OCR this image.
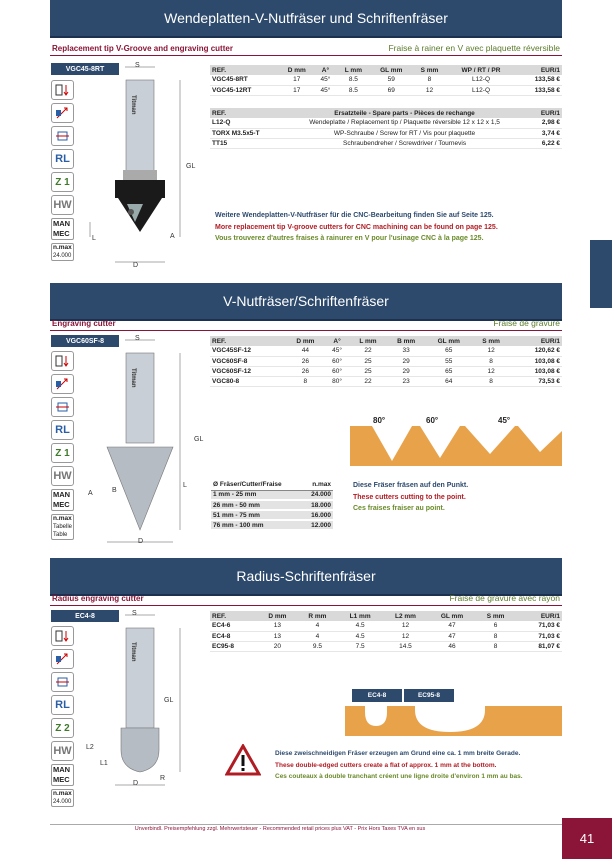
Wendeplatten-V-Nutfräser und Schriftenfräser
Replacement tip V-Groove and engraving cutter	Fraise à rainer en V avec plaquette réversible
VGC45-8RT
RL
Z 1
HW
MAN
MEC
n.max
24.000
S
GL
L	A
D
Titman
REF.	D mm	A°	L mm	GL mm	S mm	WP / RT / PR	EUR/1
VGC45-8RT	17	45°	8.5	59	8	L12-Q	133,58 €
VGC45-12RT	17	45°	8.5	69	12	L12-Q	133,58 €
REF.	Ersatzteile - Spare parts - Pièces de rechange	EUR/1
L12-Q	Wendeplatte / Replacement tip / Plaquette réversible 12 x 12 x 1,5	2,98 €
TORX M3.5x5-T	WP-Schraube / Screw for RT / Vis pour plaquette	3,74 €
TT15	Schraubendreher / Screwdriver / Tournevis	6,22 €
Weitere Wendeplatten-V-Nutfräser für die CNC-Bearbeitung finden Sie auf Seite 125.
More replacement tip V-groove cutters for CNC machining can be found on page 125.
Vous trouverez d'autres fraises à rainurer en V pour l'usinage CNC à la page 125.
V-Nutfräser/Schriftenfräser
Engraving cutter	Fraise de gravure
VGC60SF-8
RL
Z 1
HW
MAN
MEC
n.max
Tabelle
Table
S
GL
L
A	B
D
Titman
REF.	D mm	A°	L mm	B mm	GL mm	S mm	EUR/1
VGC45SF-12	44	45°	22	33	65	12	120,62 €
VGC60SF-8	26	60°	25	29	55	8	103,08 €
VGC60SF-12	26	60°	25	29	65	12	103,08 €
VGC80-8	8	80°	22	23	64	8	73,53 €
80°	60°	45°
Ø Fräser/Cutter/Fraise	n.max
1 mm - 25 mm	24.000
26 mm - 50 mm	18.000
51 mm - 75 mm	16.000
76 mm - 100 mm	12.000
Diese Fräser fräsen auf den Punkt.
These cutters cutting to the point.
Ces fraises fraiser au point.
Radius-Schriftenfräser
Radius engraving cutter	Fraise de gravure avec rayon
EC4-8
RL
Z 2
HW
MAN
MEC
n.max
24.000
S
GL
L2
L1
R
D
Titman
REF.	D mm	R mm	L1 mm	L2 mm	GL mm	S mm	EUR/1
EC4-6	13	4	4.5	12	47	6	71,03 €
EC4-8	13	4	4.5	12	47	8	71,03 €
EC95-8	20	9.5	7.5	14.5	46	8	81,07 €
EC4-8	EC95-8
Diese zweischneidigen Fräser erzeugen am Grund eine ca. 1 mm breite Gerade.
These double-edged cutters create a flat of approx. 1 mm at the bottom.
Ces couteaux à double tranchant créent une ligne droite d'environ 1 mm au bas.
Unverbindl. Preisempfehlung zzgl. Mehrwertsteuer - Recommended retail prices plus VAT - Prix Hors Taxes TVA en sus
41
